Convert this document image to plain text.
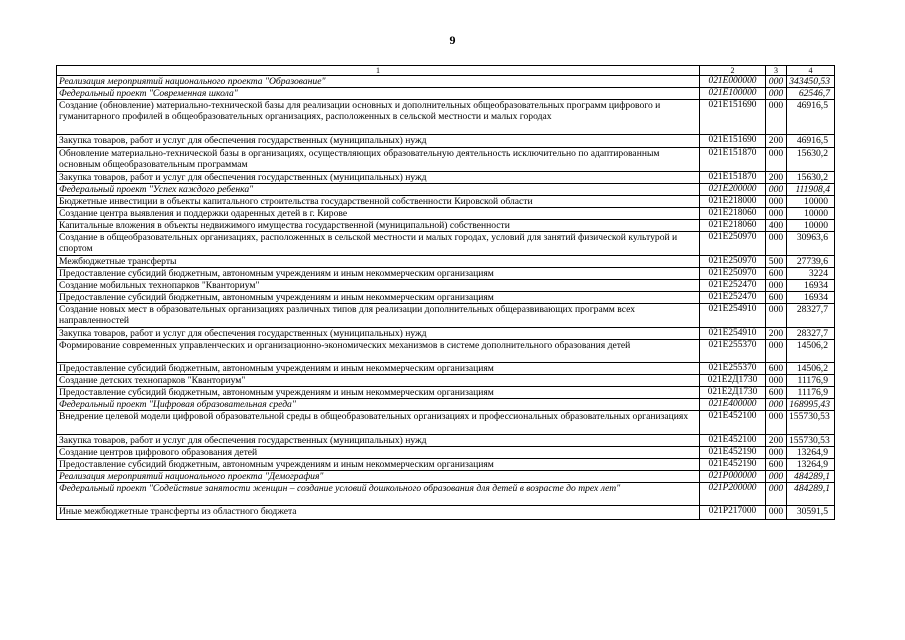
9
1	2	3	4
Реализация мероприятий национального проекта "Образование"	021E000000	000	343450,53
Федеральный проект "Современная школа"	021E100000	000	62546,7
Создание (обновление) материально-технической базы для реализации основных и дополнительных общеобразовательных программ цифрового и гуманитарного профилей в общеобразовательных организациях, расположенных в сельской местности и малых городах	021E151690	000	46916,5
Закупка товаров, работ и услуг для обеспечения государственных (муниципальных) нужд	021E151690	200	46916,5
Обновление материально-технической базы в организациях, осуществляющих образовательную деятельность исключительно по адаптированным основным общеобразовательным программам	021E151870	000	15630,2
Закупка товаров, работ и услуг для обеспечения государственных (муниципальных) нужд	021E151870	200	15630,2
Федеральный проект "Успех каждого ребенка"	021E200000	000	111908,4
Бюджетные инвестиции в объекты капитального строительства государственной собственности Кировской области	021E218000	000	10000
Создание центра выявления и поддержки одаренных детей в г. Кирове	021E218060	000	10000
Капитальные вложения в объекты недвижимого имущества государственной (муниципальной) собственности	021E218060	400	10000
Создание в общеобразовательных организациях, расположенных в сельской местности и малых городах, условий для занятий физической культурой и спортом	021E250970	000	30963,6
Межбюджетные трансферты	021E250970	500	27739,6
Предоставление субсидий бюджетным, автономным учреждениям и иным некоммерческим организациям	021E250970	600	3224
Создание мобильных технопарков "Кванториум"	021E252470	000	16934
Предоставление субсидий бюджетным, автономным учреждениям и иным некоммерческим организациям	021E252470	600	16934
Создание новых мест в образовательных организациях различных типов для реализации дополнительных общеразвивающих программ всех направленностей	021E254910	000	28327,7
Закупка товаров, работ и услуг для обеспечения государственных (муниципальных) нужд	021E254910	200	28327,7
Формирование современных управленческих и организационно-экономических механизмов в системе дополнительного образования детей	021E255370	000	14506,2
Предоставление субсидий бюджетным, автономным учреждениям и иным некоммерческим организациям	021E255370	600	14506,2
Создание детских технопарков "Кванториум"	021E2Д1730	000	11176,9
Предоставление субсидий бюджетным, автономным учреждениям и иным некоммерческим организациям	021E2Д1730	600	11176,9
Федеральный проект "Цифровая образовательная среда"	021E400000	000	168995,43
Внедрение целевой модели цифровой образовательной среды в общеобразовательных организациях и профессиональных образовательных организациях	021E452100	000	155730,53
Закупка товаров, работ и услуг для обеспечения государственных (муниципальных) нужд	021E452100	200	155730,53
Создание центров цифрового образования детей	021E452190	000	13264,9
Предоставление субсидий бюджетным, автономным учреждениям и иным некоммерческим организациям	021E452190	600	13264,9
Реализация мероприятий национального проекта "Демография"	021P000000	000	484289,1
Федеральный проект "Содействие занятости женщин – создание условий дошкольного образования для детей в возрасте до трех лет"	021P200000	000	484289,1
Иные межбюджетные трансферты из областного бюджета	021P217000	000	30591,5
